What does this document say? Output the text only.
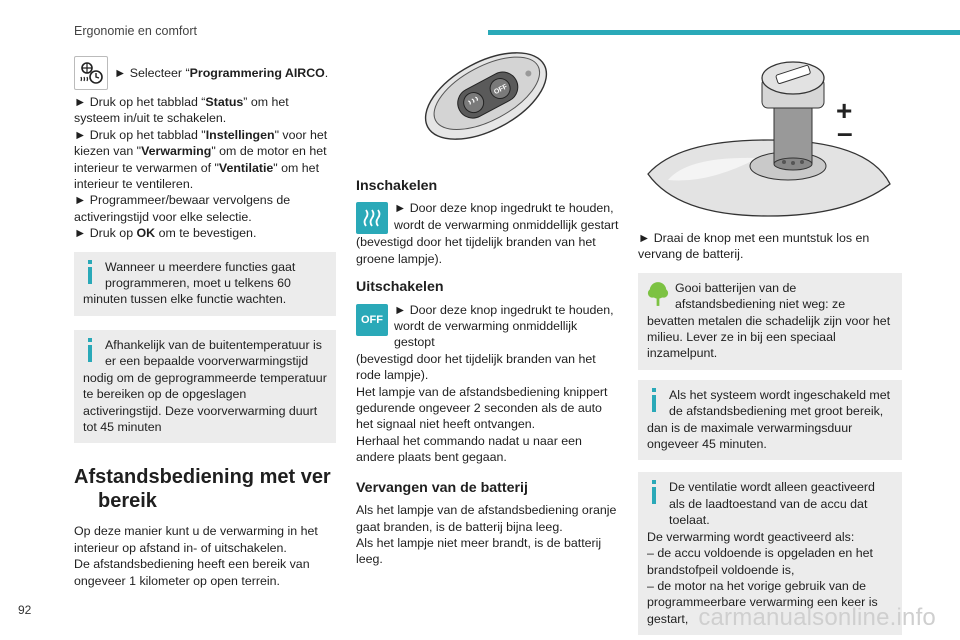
Ergonomie en comfort
► Selecteer “Programmering AIRCO.

► Druk op het tabblad “Status” om het systeem in/uit te schakelen.

► Druk op het tabblad "Instellingen" voor het kiezen van "Verwarming" om de motor en het interieur te verwarmen of "Ventilatie" om het interieur te ventileren.

► Programmeer/bewaar vervolgens de activeringstijd voor elke selectie.

► Druk op OK om te bevestigen.

Wanneer u meerdere functies gaat programmeren, moet u telkens 60

minuten tussen elke functie wachten.

Afhankelijk van de buitentemperatuur is er een bepaalde voorverwarmingstijd

nodig om de geprogrammeerde temperatuur te bereiken op de opgeslagen activeringstijd. Deze voorverwarming duurt tot 45 minuten

Afstandsbediening met ver
bereik

Op deze manier kunt u de verwarming in het interieur op afstand in- of uitschakelen.

De afstandsbediening heeft een bereik van ongeveer 1 kilometer op open terrein.

OFF
Inschakelen

► Door deze knop ingedrukt te houden, wordt de verwarming onmiddellijk gestart

(bevestigd door het tijdelijk branden van het groene lampje).

Uitschakelen
OFF

► Door deze knop ingedrukt te houden, wordt de verwarming onmiddellijk gestopt

(bevestigd door het tijdelijk branden van het rode lampje).

Het lampje van de afstandsbediening knippert gedurende ongeveer 2 seconden als de auto het signaal niet heeft ontvangen.

Herhaal het commando nadat u naar een andere plaats bent gegaan.

Vervangen van de batterij

Als het lampje van de afstandsbediening oranje gaat branden, is de batterij bijna leeg.

Als het lampje niet meer brandt, is de batterij leeg.

+
–

► Draai de knop met een muntstuk los en vervang de batterij.

Gooi batterijen van de afstandsbediening niet weg: ze

bevatten metalen die schadelijk zijn voor het milieu. Lever ze in bij een speciaal inzamelpunt.

Als het systeem wordt ingeschakeld met de afstandsbediening met groot bereik,

dan is de maximale verwarmingsduur ongeveer 45 minuten.

De ventilatie wordt alleen geactiveerd als de laadtoestand van de accu dat toelaat.

De verwarming wordt geactiveerd als:

– de accu voldoende is opgeladen en het brandstofpeil voldoende is,

– de motor na het vorige gebruik van de programmeerbare verwarming een keer is gestart,

92	carmanualsonline.info
